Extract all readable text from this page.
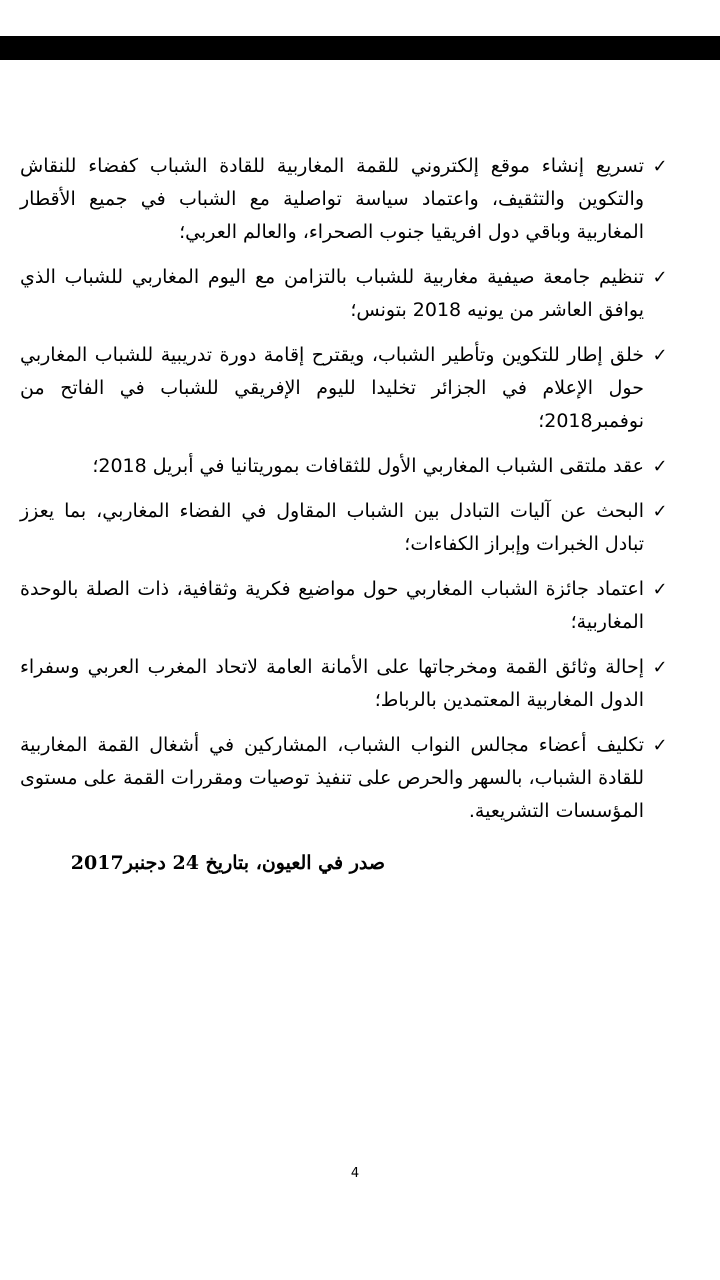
✓
تسريع إنشاء موقع إلكتروني للقمة المغاربية للقادة الشباب كفضاء للنقاش والتكوين والتثقيف، واعتماد سياسة تواصلية مع الشباب في جميع الأقطار المغاربية وباقي دول افريقيا جنوب الصحراء، والعالم العربي؛
✓
تنظيم جامعة صيفية مغاربية للشباب بالتزامن مع اليوم المغاربي للشباب الذي يوافق العاشر من يونيه 2018 بتونس؛
✓
خلق إطار للتكوين وتأطير الشباب، ويقترح إقامة دورة تدريبية للشباب المغاربي حول الإعلام في الجزائر تخليدا لليوم الإفريقي للشباب في الفاتح من نوفمبر2018؛
✓
عقد ملتقى الشباب المغاربي الأول للثقافات بموريتانيا في أبريل 2018؛
✓
البحث عن آليات التبادل بين الشباب المقاول في الفضاء المغاربي، بما يعزز تبادل الخبرات وإبراز الكفاءات؛
✓
اعتماد جائزة الشباب المغاربي حول مواضيع فكرية وثقافية، ذات الصلة بالوحدة المغاربية؛
✓
إحالة وثائق القمة ومخرجاتها على الأمانة العامة لاتحاد المغرب العربي وسفراء الدول المغاربية المعتمدين بالرباط؛
✓
تكليف أعضاء مجالس النواب الشباب، المشاركين في أشغال القمة المغاربية للقادة الشباب، بالسهر والحرص على تنفيذ توصيات ومقررات القمة على مستوى المؤسسات التشريعية.
صدر في العيون، بتاريخ 24 دجنبر2017
4
